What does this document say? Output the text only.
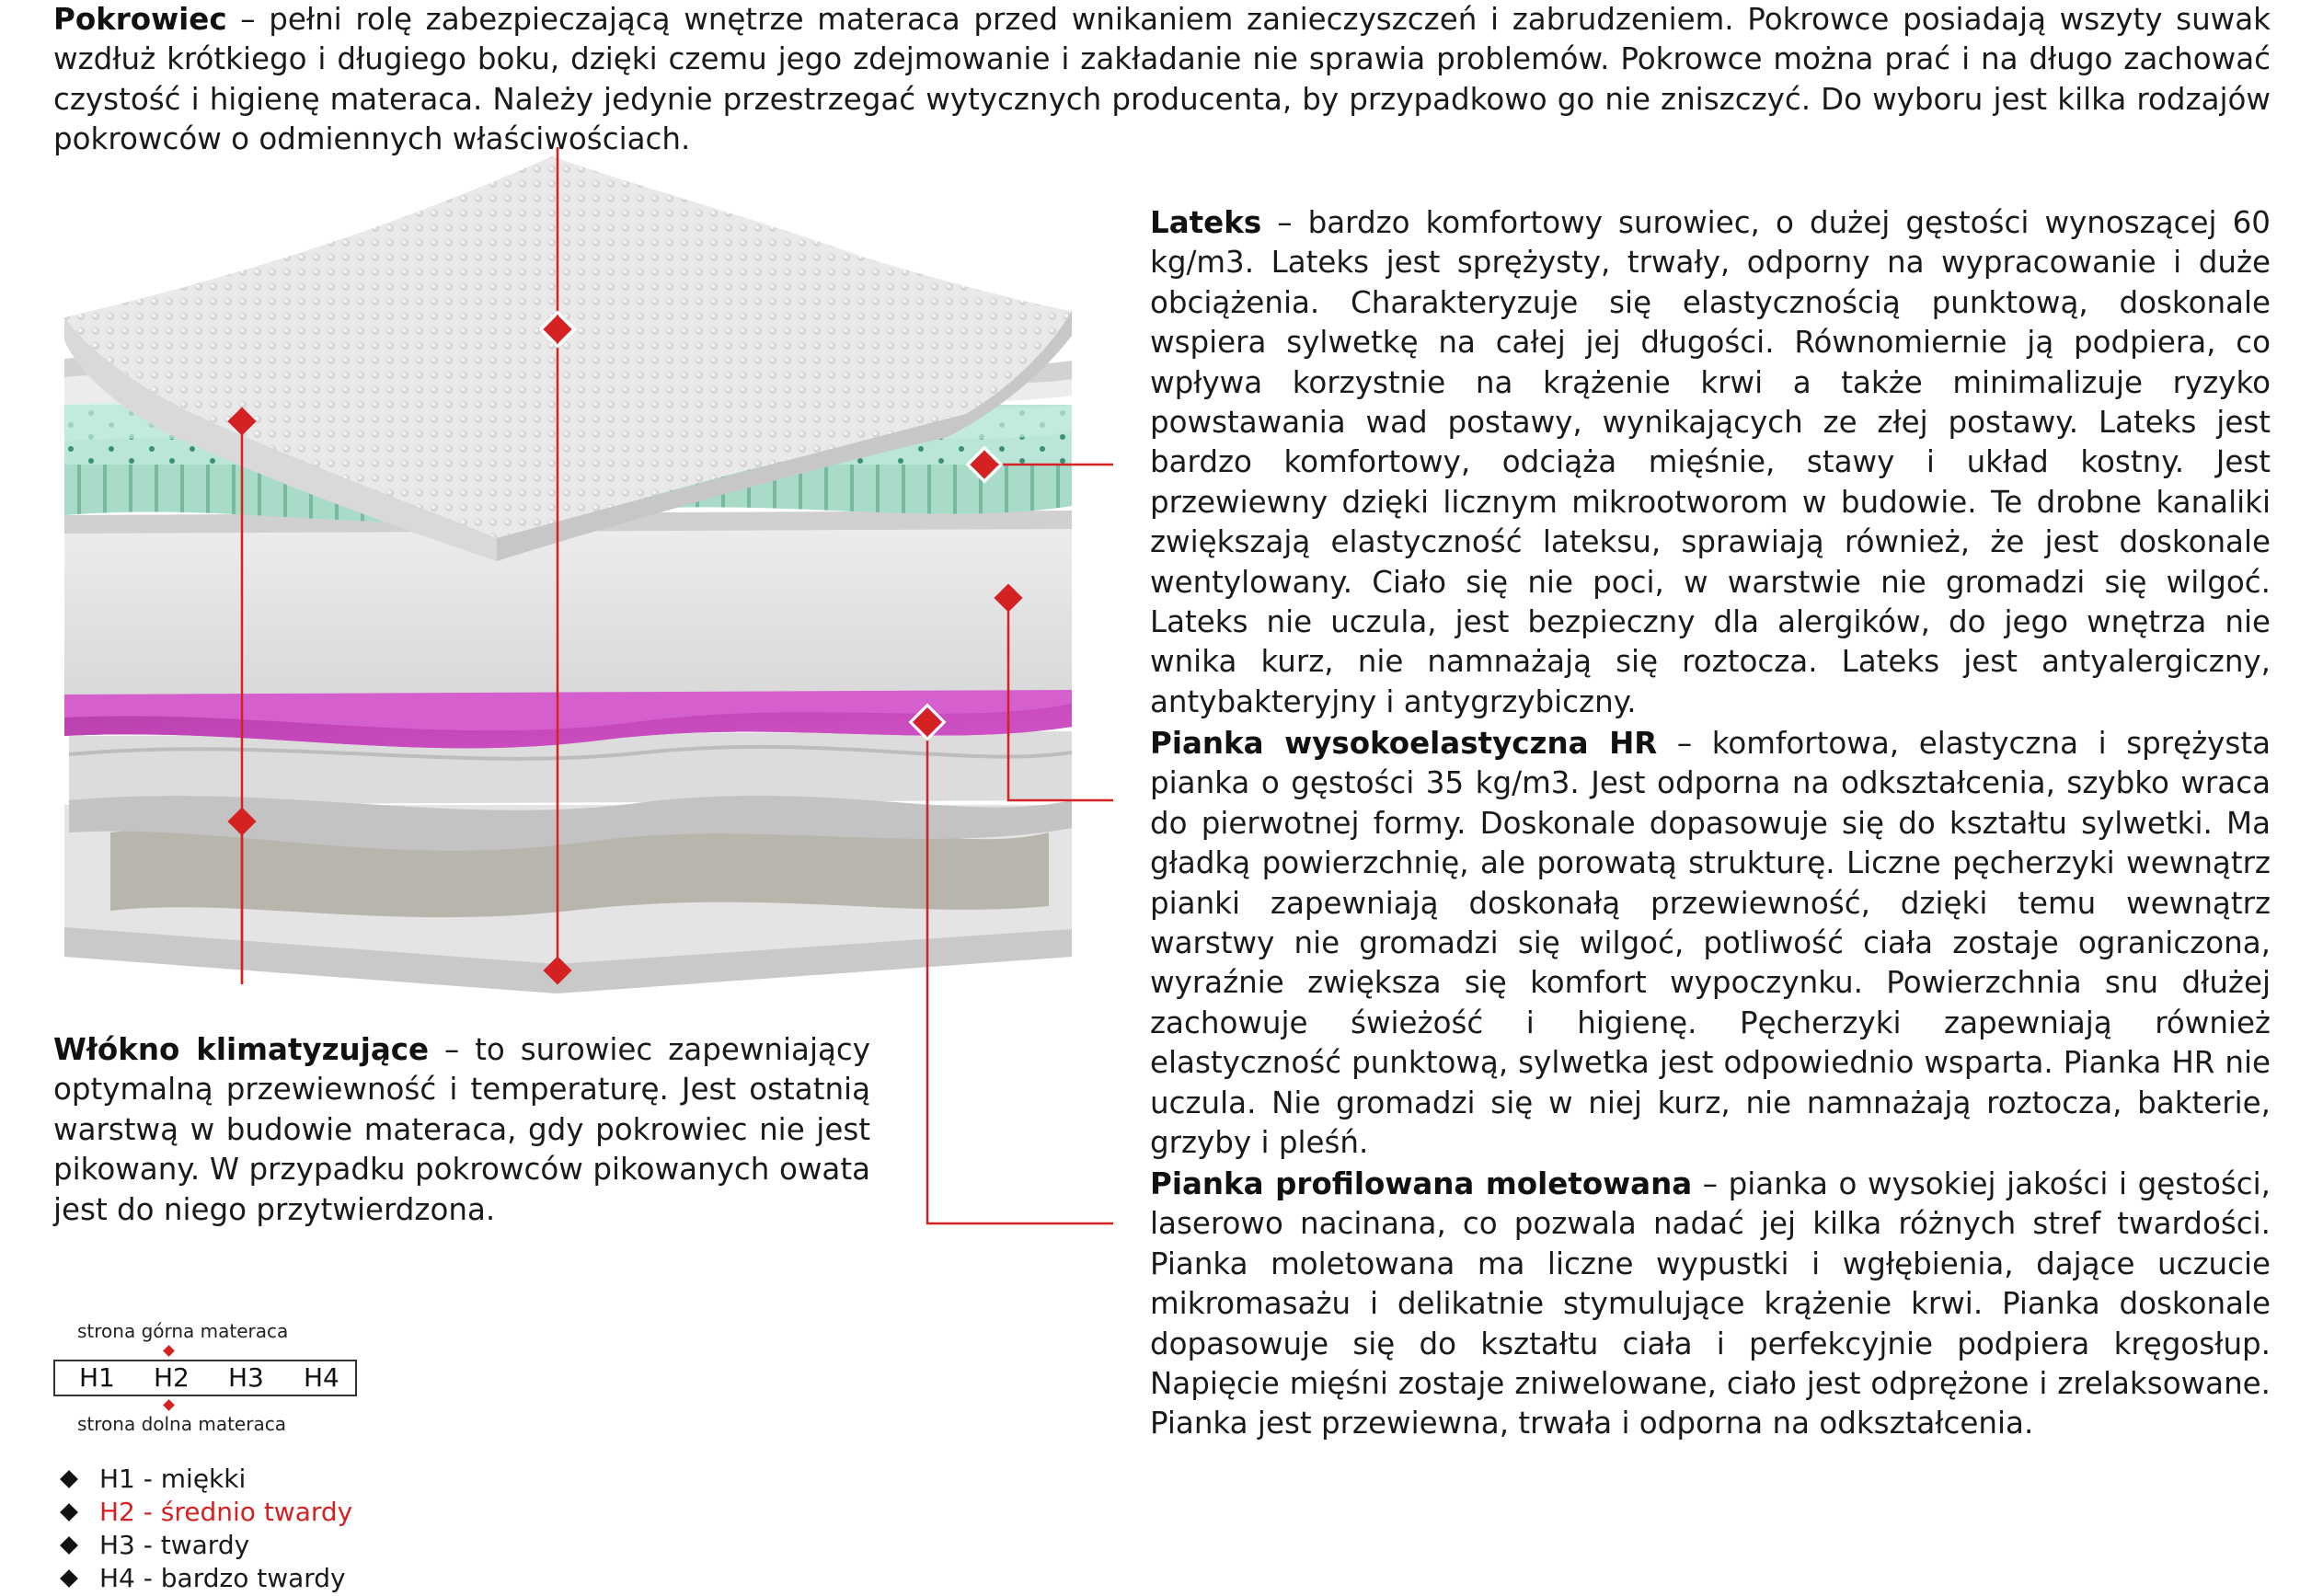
Pokrowiec – pełni rolę zabezpieczającą wnętrze materaca przed wnikaniem zanieczyszczeń i zabrudzeniem. Pokrowce posiadają wszyty suwak wzdłuż krótkiego i długiego boku, dzięki czemu jego zdejmowanie i zakładanie nie sprawia problemów. Pokrowce można prać i na długo zachować czystość i higienę materaca. Należy jedynie przestrzegać wytycznych producenta, by przypadkowo go nie zniszczyć. Do wyboru jest kilka rodzajów pokrowców o odmiennych właściwościach.

Lateks – bardzo komfortowy surowiec, o dużej gęstości wynoszącej 60 kg/m3. Lateks jest sprężysty, trwały, odporny na wypracowanie i duże obciążenia. Charakteryzuje się elastycznością punktową, doskonale wspiera sylwetkę na całej jej długości. Równomiernie ją podpiera, co wpływa korzystnie na krążenie krwi a także minimalizuje ryzyko powstawania wad postawy, wynikających ze złej postawy. Lateks jest bardzo komfortowy, odciąża mięśnie, stawy i układ kostny. Jest przewiewny dzięki licznym mikrootworom w budowie. Te drobne kanaliki zwiększają elastyczność lateksu, sprawiają również, że jest doskonale wentylowany. Ciało się nie poci, w warstwie nie gromadzi się wilgoć. Lateks nie uczula, jest bezpieczny dla alergików, do jego wnętrza nie wnika kurz, nie namnażają się roztocza. Lateks jest antyalergiczny, antybakteryjny i antygrzybiczny.

Pianka wysokoelastyczna HR – komfortowa, elastyczna i sprężysta pianka o gęstości 35 kg/m3. Jest odporna na odkształcenia, szybko wraca do pierwotnej formy. Doskonale dopasowuje się do kształtu sylwetki. Ma gładką powierzchnię, ale porowatą strukturę. Liczne pęcherzyki wewnątrz pianki zapewniają doskonałą przewiewność, dzięki temu wewnątrz warstwy nie gromadzi się wilgoć, potliwość ciała zostaje ograniczona, wyraźnie zwiększa się komfort wypoczynku. Powierzchnia snu dłużej zachowuje świeżość i higienę. Pęcherzyki zapewniają również elastyczność punktową, sylwetka jest odpowiednio wsparta. Pianka HR nie uczula. Nie gromadzi się w niej kurz, nie namnażają roztocza, bakterie, grzyby i pleśń.

Pianka profilowana moletowana – pianka o wysokiej jakości i gęstości, laserowo nacinana, co pozwala nadać jej kilka różnych stref twardości. Pianka moletowana ma liczne wypustki i wgłębienia, dające uczucie mikromasażu i delikatnie stymulujące krążenie krwi. Pianka doskonale dopasowuje się do kształtu ciała i perfekcyjnie podpiera kręgosłup. Napięcie mięśni zostaje zniwelowane, ciało jest odprężone i zrelaksowane. Pianka jest przewiewna, trwała i odporna na odkształcenia.

Włókno klimatyzujące – to surowiec zapewniający optymalną przewiewność i temperaturę. Jest ostatnią warstwą w budowie materaca, gdy pokrowiec nie jest pikowany. W przypadku pokrowców pikowanych owata jest do niego przytwierdzona.

strona górna materaca
H1 H2 H3 H4
strona dolna materaca
H1 - miękki
H2 - średnio twardy
H3 - twardy
H4 - bardzo twardy
